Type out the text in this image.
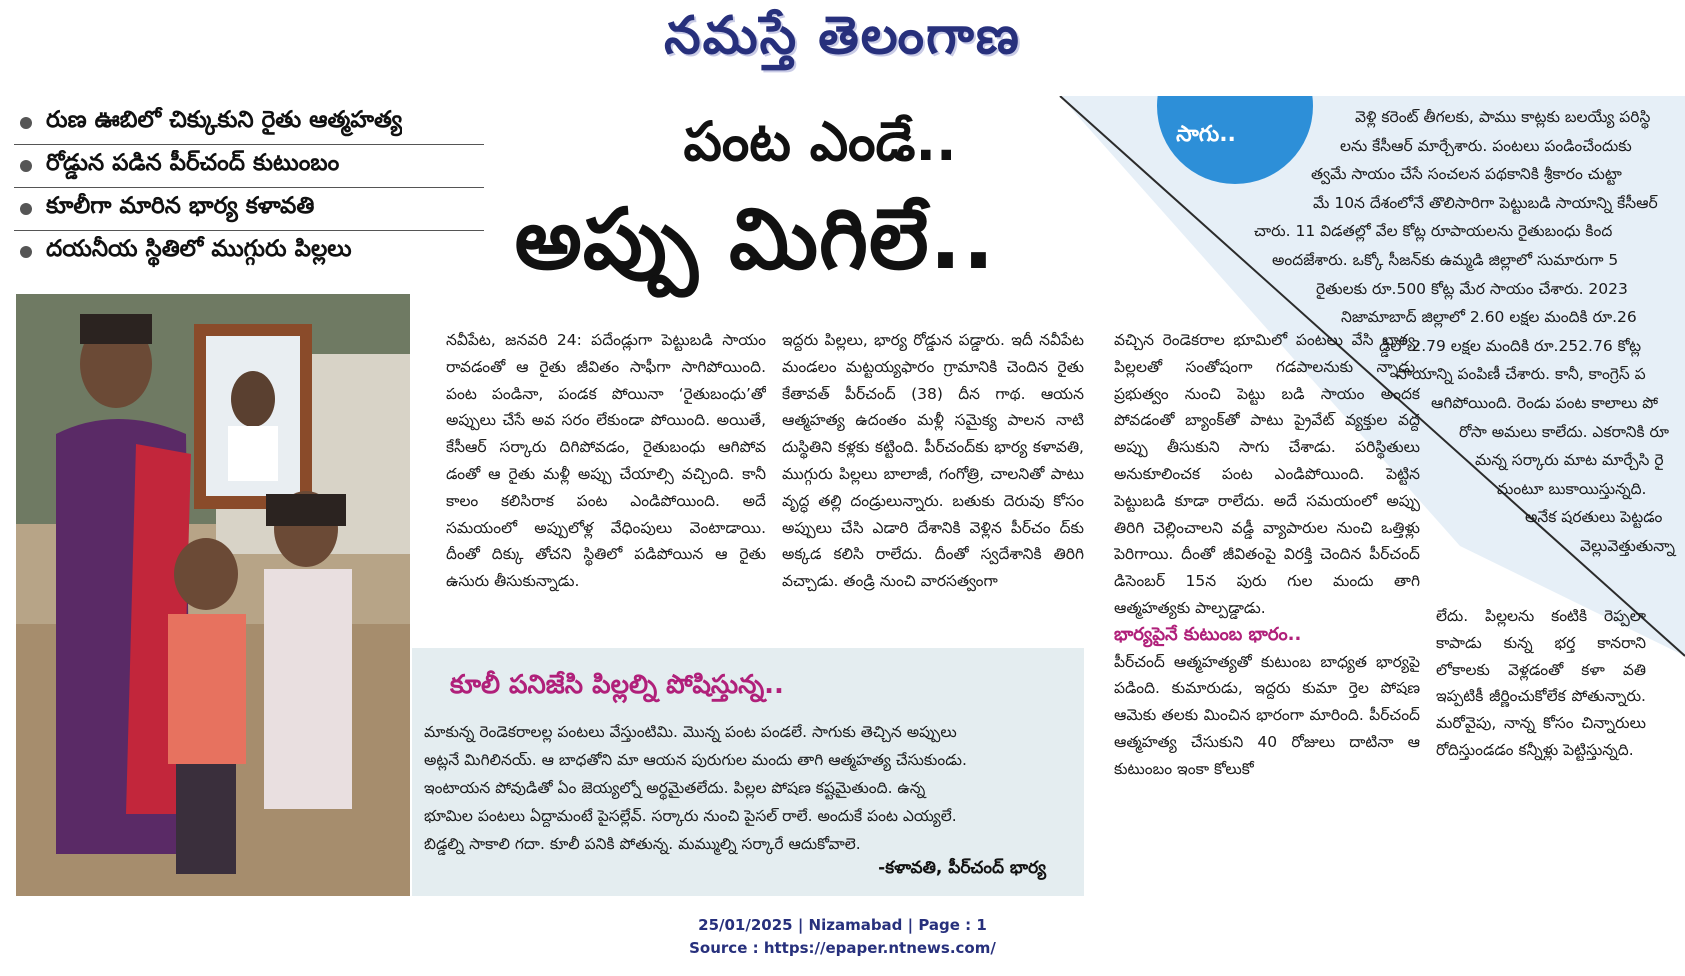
నమస్తే తెలంగాణ
సాగు..

వెళ్లి కరెంట్ తీగలకు, పాము కాట్లకు బలయ్యే పరిస్థి

లను కేసీఆర్ మార్చేశారు. పంటలు పండించేందుకు

త్వమే సాయం చేసే సంచలన పథకానికి శ్రీకారం చుట్టా

మే 10న దేశంలోనే తొలిసారిగా పెట్టుబడి సాయాన్ని కేసీఆర్

చారు. 11 విడతల్లో వేల కోట్ల రూపాయలను రైతుబంధు కింద

అందజేశారు. ఒక్కో సీజన్‌కు ఉమ్మడి జిల్లాలో సుమారుగా 5

రైతులకు రూ.500 కోట్ల మేర సాయం చేశారు. 2023

నిజామాబాద్ జిల్లాలో 2.60 లక్షల మందికి రూ.26

డ్డిలో 2.79 లక్షల మందికి రూ.252.76 కోట్ల

సాయాన్ని పంపిణీ చేశారు. కానీ, కాంగ్రెస్ ప

ఆగిపోయింది. రెండు పంట కాలాలు పో

రోసా అమలు కాలేదు. ఎకరానికి రూ

మన్న సర్కారు మాట మార్చేసి రై

మంటూ బుకాయిస్తున్నది.

అనేక షరతులు పెట్టడం

వెల్లువెత్తుతున్నా

రుణ ఊబిలో చిక్కుకుని రైతు ఆత్మహత్య
రోడ్డున పడిన పీర్‌చంద్ కుటుంబం
కూలీగా మారిన భార్య కళావతి
దయనీయ స్థితిలో ముగ్గురు పిల్లలు
పంట ఎండే..
అప్పు మిగిలే..

నవీపేట, జనవరి 24: పదేండ్లుగా పెట్టుబడి సాయం రావడంతో ఆ రైతు జీవితం సాఫీగా సాగిపోయింది. పంట పండినా, పండక పోయినా ‘రైతుబంధు’తో అప్పులు చేసే అవ సరం లేకుండా పోయింది. అయితే, కేసీఆర్ సర్కారు దిగిపోవడం, రైతుబంధు ఆగిపోవ డంతో ఆ రైతు మళ్లీ అప్పు చేయాల్సి వచ్చింది. కానీ కాలం కలిసిరాక పంట ఎండిపోయింది. అదే సమయంలో అప్పులోళ్ల వేధింపులు వెంటాడాయి. దీంతో దిక్కు తోచని స్థితిలో పడిపోయిన ఆ రైతు ఉసురు తీసుకున్నాడు.

ఇద్దరు పిల్లలు, భార్య రోడ్డున పడ్డారు. ఇదీ నవీపేట మండలం మట్టయ్యఫారం గ్రామానికి చెందిన రైతు కేతావత్ పీర్‌చంద్ (38) దీన గాథ. ఆయన ఆత్మహత్య ఉదంతం మళ్లీ సమైక్య పాలన నాటి దుస్థితిని కళ్లకు కట్టింది. పీర్‌చంద్‌కు భార్య కళావతి, ముగ్గురు పిల్లలు బాలాజీ, గంగోత్రి, చాలనితో పాటు వృద్ధ తల్లి దండ్రులున్నారు. బతుకు దెరువు కోసం అప్పులు చేసి ఎడారి దేశానికి వెళ్లిన పీర్‌చం ద్‌కు అక్కడ కలిసి రాలేదు. దీంతో స్వదేశానికి తిరిగి వచ్చాడు. తండ్రి నుంచి వారసత్వంగా

వచ్చిన రెండెకరాల భూమిలో పంటలు వేసి భార్య, పిల్లలతో సంతోషంగా గడపాలనుకు న్నాడు. ప్రభుత్వం నుంచి పెట్టు బడి సాయం అందక పోవడంతో బ్యాంక్‌తో పాటు ప్రైవేట్ వ్యక్తుల వద్ద అప్పు తీసుకుని సాగు చేశాడు. పరిస్థితులు అనుకూలించక పంట ఎండిపోయింది. పెట్టిన పెట్టుబడి కూడా రాలేదు. అదే సమయంలో అప్పు తిరిగి చెల్లించాలని వడ్డీ వ్యాపారుల నుంచి ఒత్తిళ్లు పెరిగాయి. దీంతో జీవితంపై విరక్తి చెందిన పీర్‌చంద్ డిసెంబర్ 15న పురు గుల మందు తాగి ఆత్మహత్యకు పాల్పడ్డాడు.

భార్యపైనే కుటుంబ భారం..

పీర్‌చంద్ ఆత్మహత్యతో కుటుంబ బాధ్యత భార్యపై పడింది. కుమారుడు, ఇద్దరు కుమా ర్తెల పోషణ ఆమెకు తలకు మించిన భారంగా మారింది. పీర్‌చంద్ ఆత్మహత్య చేసుకుని 40 రోజులు దాటినా ఆ కుటుంబం ఇంకా కోలుకో

లేదు. పిల్లలను కంటికి రెప్పలా కాపాడు కున్న భర్త కానరాని లోకాలకు వెళ్లడంతో కళా వతి ఇప్పటికీ జీర్ణించుకోలేక పోతున్నారు. మరోవైపు, నాన్న కోసం చిన్నారులు రోదిస్తుండడం కన్నీళ్లు పెట్టిస్తున్నది.

కూలీ పనిజేసి పిల్లల్ని పోషిస్తున్న..

మాకున్న రెండెకరాలల్ల పంటలు వేస్తుంటిమి. మొన్న పంట పండలే. సాగుకు తెచ్చిన అప్పులు

అట్లనే మిగిలినయ్. ఆ బాధతోని మా ఆయన పురుగుల మందు తాగి ఆత్మహత్య చేసుకుండు.

ఇంటాయన పోవుడితో ఏం జెయ్యల్నో అర్థమైతలేదు. పిల్లల పోషణ కష్టమైతుంది. ఉన్న

భూమిల పంటలు ఏద్దామంటే పైసల్లేవ్. సర్కారు నుంచి పైసల్ రాలే. అందుకే పంట ఎయ్యలే.

బిడ్డల్ని సాకాలి గదా. కూలీ పనికి పోతున్న. మమ్ముల్ని సర్కారే ఆదుకోవాలె.

-కళావతి, పీర్‌చంద్ భార్య
25/01/2025 | Nizamabad | Page : 1
Source : https://epaper.ntnews.com/
